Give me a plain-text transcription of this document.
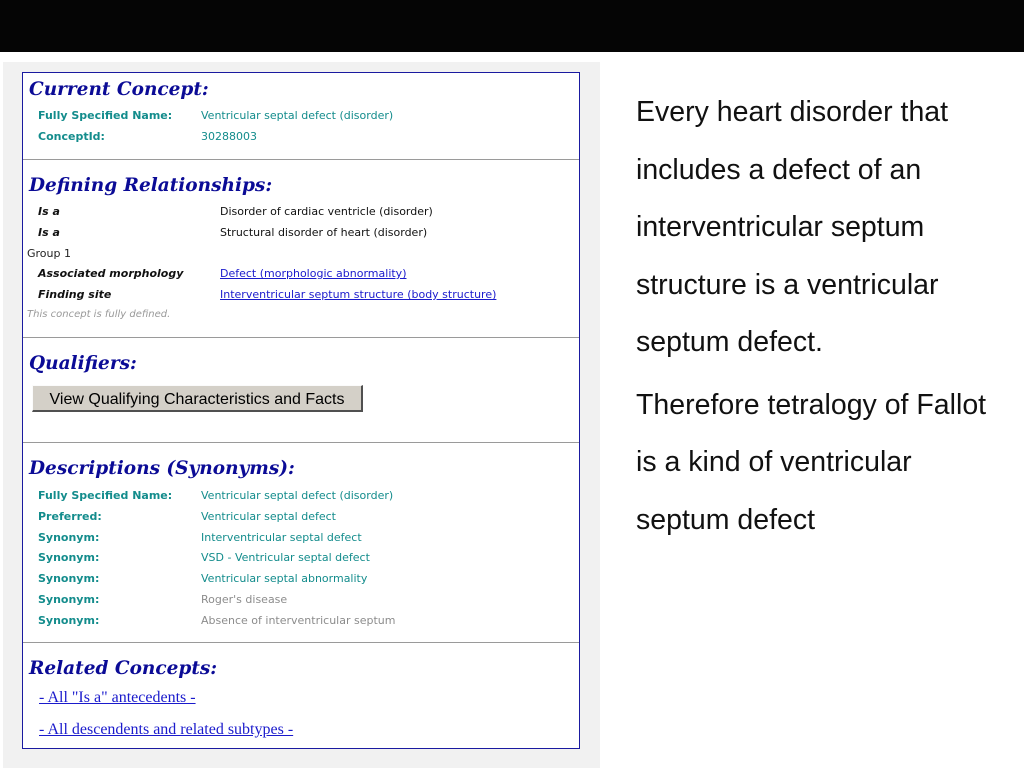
Current Concept:
Fully Specified Name:	Ventricular septal defect (disorder)
ConceptId:	30288003
Defining Relationships:
Is a	Disorder of cardiac ventricle (disorder)
Is a	Structural disorder of heart (disorder)
Group 1
Associated morphology	Defect (morphologic abnormality)
Finding site	Interventricular septum structure (body structure)
This concept is fully defined.
Qualifiers:
View Qualifying Characteristics and Facts
Descriptions (Synonyms):
Fully Specified Name:	Ventricular septal defect (disorder)
Preferred:	Ventricular septal defect
Synonym:	Interventricular septal defect
Synonym:	VSD - Ventricular septal defect
Synonym:	Ventricular septal abnormality
Synonym:	Roger's disease
Synonym:	Absence of interventricular septum
Related Concepts:
- All "Is a" antecedents -
- All descendents and related subtypes -

Every heart disorder that includes a defect of an interventricular septum structure is a ventricular septum defect.

Therefore tetralogy of Fallot is a kind of ventricular septum defect
